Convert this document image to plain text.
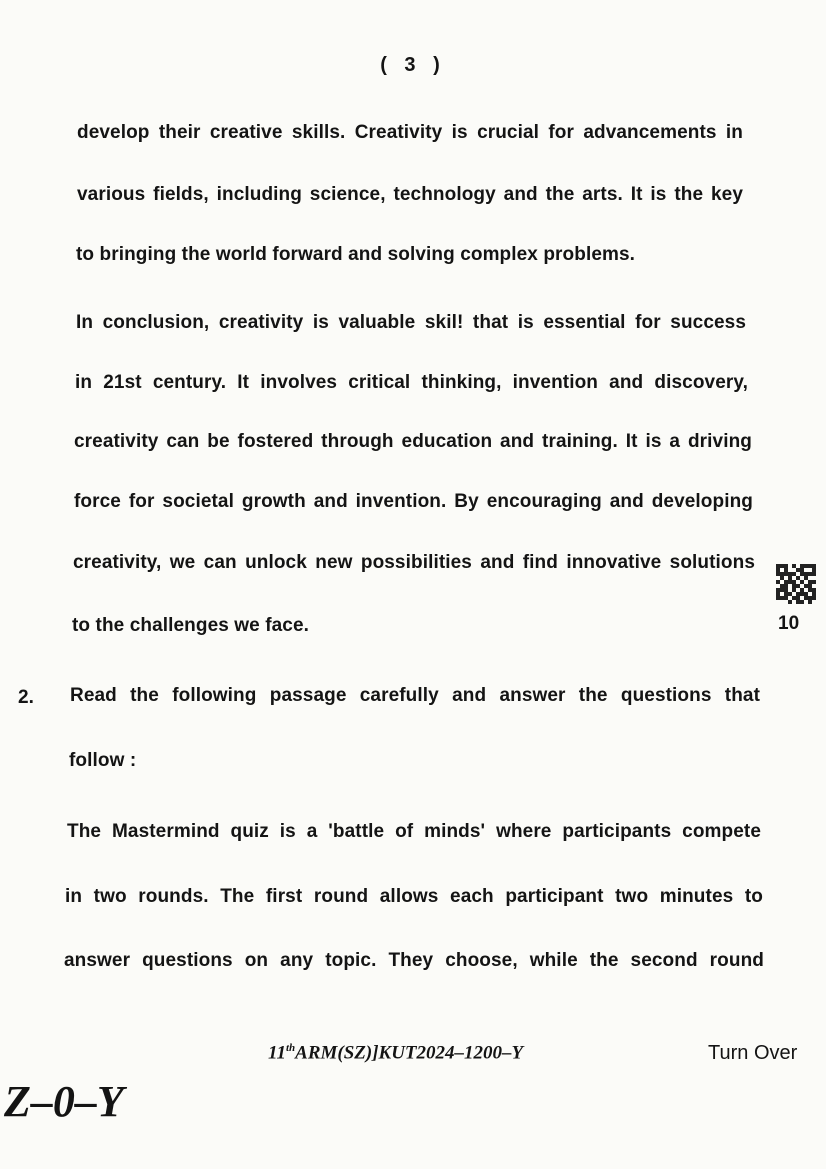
( 3 )
develop their creative skills. Creativity is crucial for advancements in
various fields, including science, technology and the arts. It is the key
to bringing the world forward and solving complex problems.
In conclusion, creativity is valuable skil! that is essential for success
in 21st century. It involves critical thinking, invention and discovery,
creativity can be fostered through education and training. It is a driving
force for societal growth and invention. By encouraging and developing
creativity, we can unlock new possibilities and find innovative solutions
to the challenges we face.	10
2. Read the following passage carefully and answer the questions that
follow :
The Mastermind quiz is a 'battle of minds' where participants compete
in two rounds. The first round allows each participant two minutes to
answer questions on any topic. They choose, while the second round
11thARM(SZ)]KUT2024–1200–Y	Turn Over
Z–0–Y
